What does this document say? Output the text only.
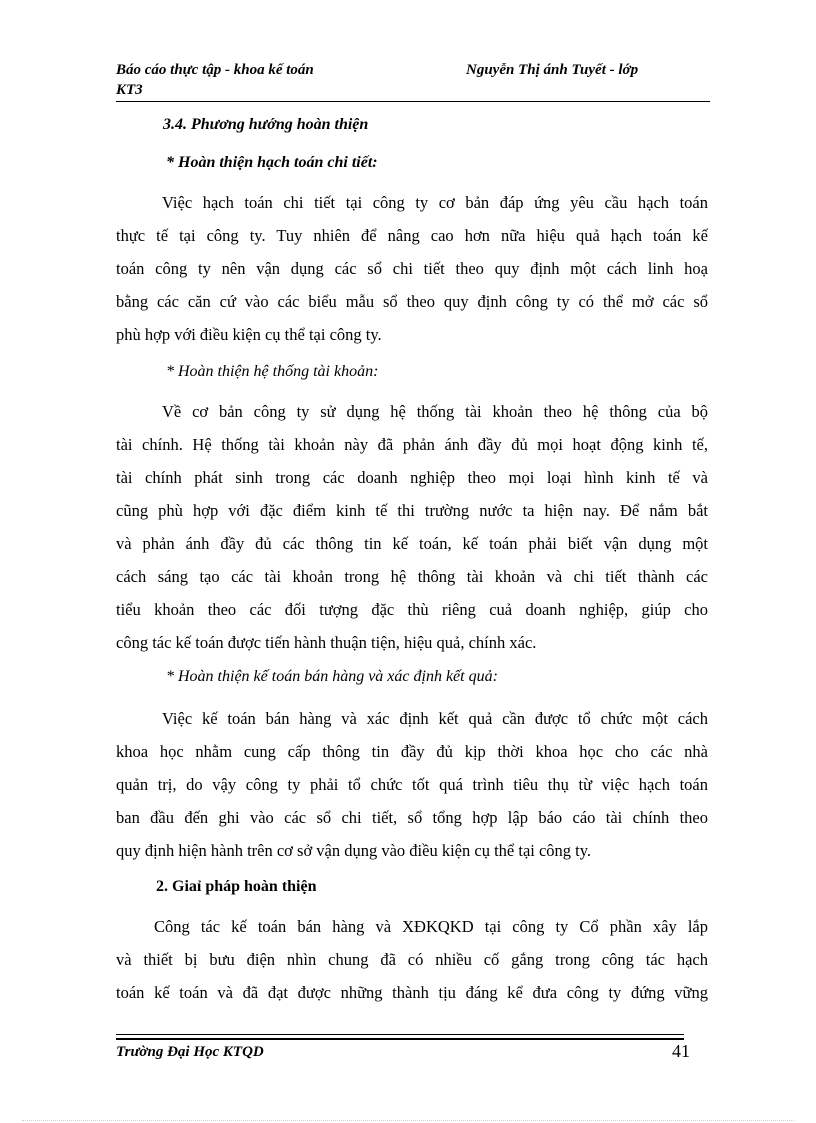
Báo cáo thực tập - khoa kế toán
KT3
Nguyễn Thị ánh Tuyết - lớp
3.4. Phương hướng hoàn thiện
* Hoàn thiện hạch toán chi tiết:
Việc hạch toán chi tiết tại công ty cơ bản đáp ứng yêu cầu hạch toán
thực tế tại công ty. Tuy nhiên để nâng cao hơn nữa hiệu quả hạch toán kế
toán công ty nên vận dụng các sổ chi tiết theo quy định một cách linh hoạ
bằng các căn cứ vào các biểu mẫu sổ theo quy định công ty có thể mở các sổ
phù hợp với điều kiện cụ thể tại công ty.
* Hoàn thiện hệ thống tài khoản:
Về cơ bản công ty sử dụng hệ thống tài khoản theo hệ thông của bộ
tài chính. Hệ thống tài khoản này đã phản ánh đầy đủ mọi hoạt động kinh tế,
tài chính phát sinh trong các doanh nghiệp theo mọi loại hình kinh tế và
cũng phù hợp với đặc điểm kinh tế thi trường nước ta hiện nay. Để nắm bắt
và phản ánh đầy đủ các thông tin kế toán, kế toán phải biết vận dụng một
cách sáng tạo các tài khoản trong hệ thông tài khoản và chi tiết thành các
tiểu khoản theo các đối tượng đặc thù riêng cuả doanh nghiệp, giúp cho
công tác kế toán được tiến hành thuận tiện, hiệu quả, chính xác.
* Hoàn thiện kế toán bán hàng và xác định kết quả:
Việc kế toán bán hàng và xác định kết quả cần được tổ chức một cách
khoa học nhằm cung cấp thông tin đầy đủ kịp thời khoa học cho các nhà
quản trị, do vậy công ty phải tổ chức tốt quá trình tiêu thụ từ việc hạch toán
ban đầu đến ghi vào các sổ chi tiết, sổ tổng hợp lập báo cáo tài chính theo
quy định hiện hành trên cơ sở vận dụng vào điều kiện cụ thể tại công ty.
2. Giaỉ pháp hoàn thiện
Công tác kế toán bán hàng và XĐKQKD tại công ty Cổ phần xây lắp
và thiết bị bưu điện nhìn chung đã có nhiều cố gắng trong công tác hạch
toán kế toán và đã đạt được những thành tịu đáng kể đưa công ty đứng vững
Trường Đại Học KTQD	41
